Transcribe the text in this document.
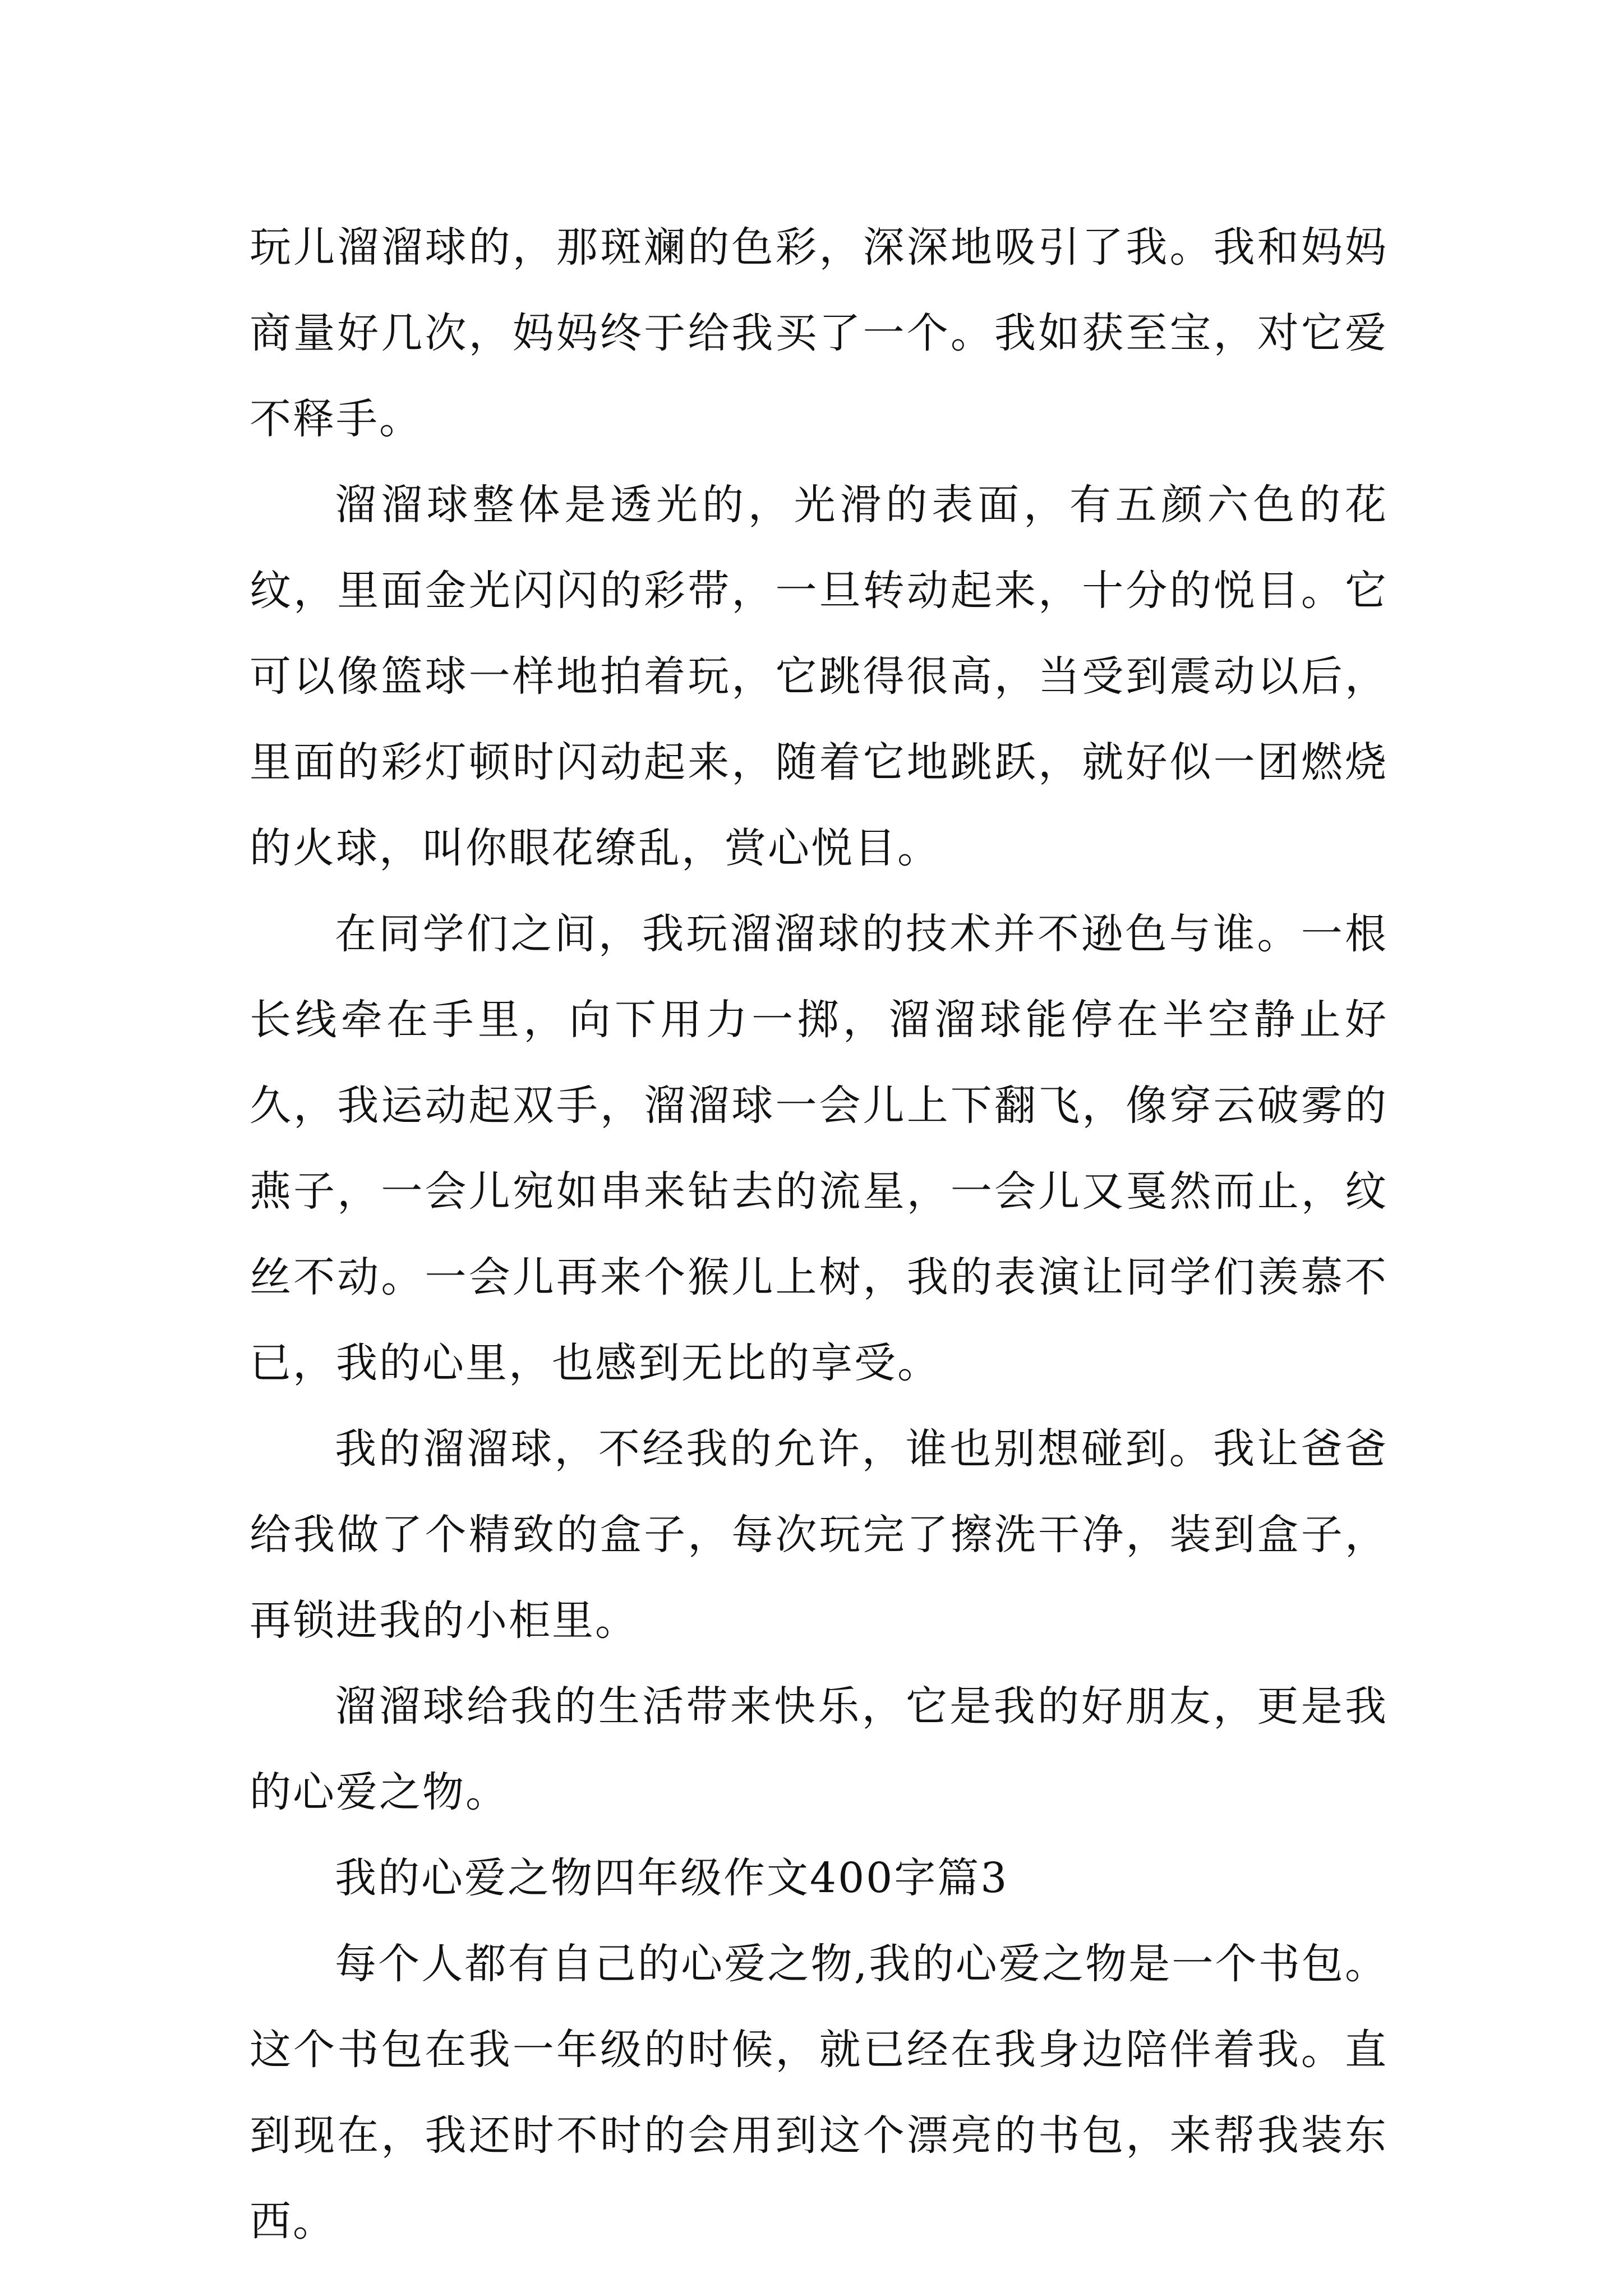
玩儿溜溜球的，那斑斓的色彩，深深地吸引了我。我和妈妈商量好几次，妈妈终于给我买了一个。我如获至宝，对它爱不释手。

溜溜球整体是透光的，光滑的表面，有五颜六色的花纹，里面金光闪闪的彩带，一旦转动起来，十分的悦目。它可以像篮球一样地拍着玩，它跳得很高，当受到震动以后，里面的彩灯顿时闪动起来，随着它地跳跃，就好似一团燃烧的火球，叫你眼花缭乱，赏心悦目。

在同学们之间，我玩溜溜球的技术并不逊色与谁。一根长线牵在手里，向下用力一掷，溜溜球能停在半空静止好久，我运动起双手，溜溜球一会儿上下翻飞，像穿云破雾的燕子，一会儿宛如串来钻去的流星，一会儿又戛然而止，纹丝不动。一会儿再来个猴儿上树，我的表演让同学们羡慕不已，我的心里，也感到无比的享受。

我的溜溜球，不经我的允许，谁也别想碰到。我让爸爸给我做了个精致的盒子，每次玩完了擦洗干净，装到盒子，再锁进我的小柜里。

溜溜球给我的生活带来快乐，它是我的好朋友，更是我的心爱之物。

我的心爱之物四年级作文400字篇3

每个人都有自己的心爱之物,我的心爱之物是一个书包。这个书包在我一年级的时候，就已经在我身边陪伴着我。直到现在，我还时不时的会用到这个漂亮的书包，来帮我装东西。
